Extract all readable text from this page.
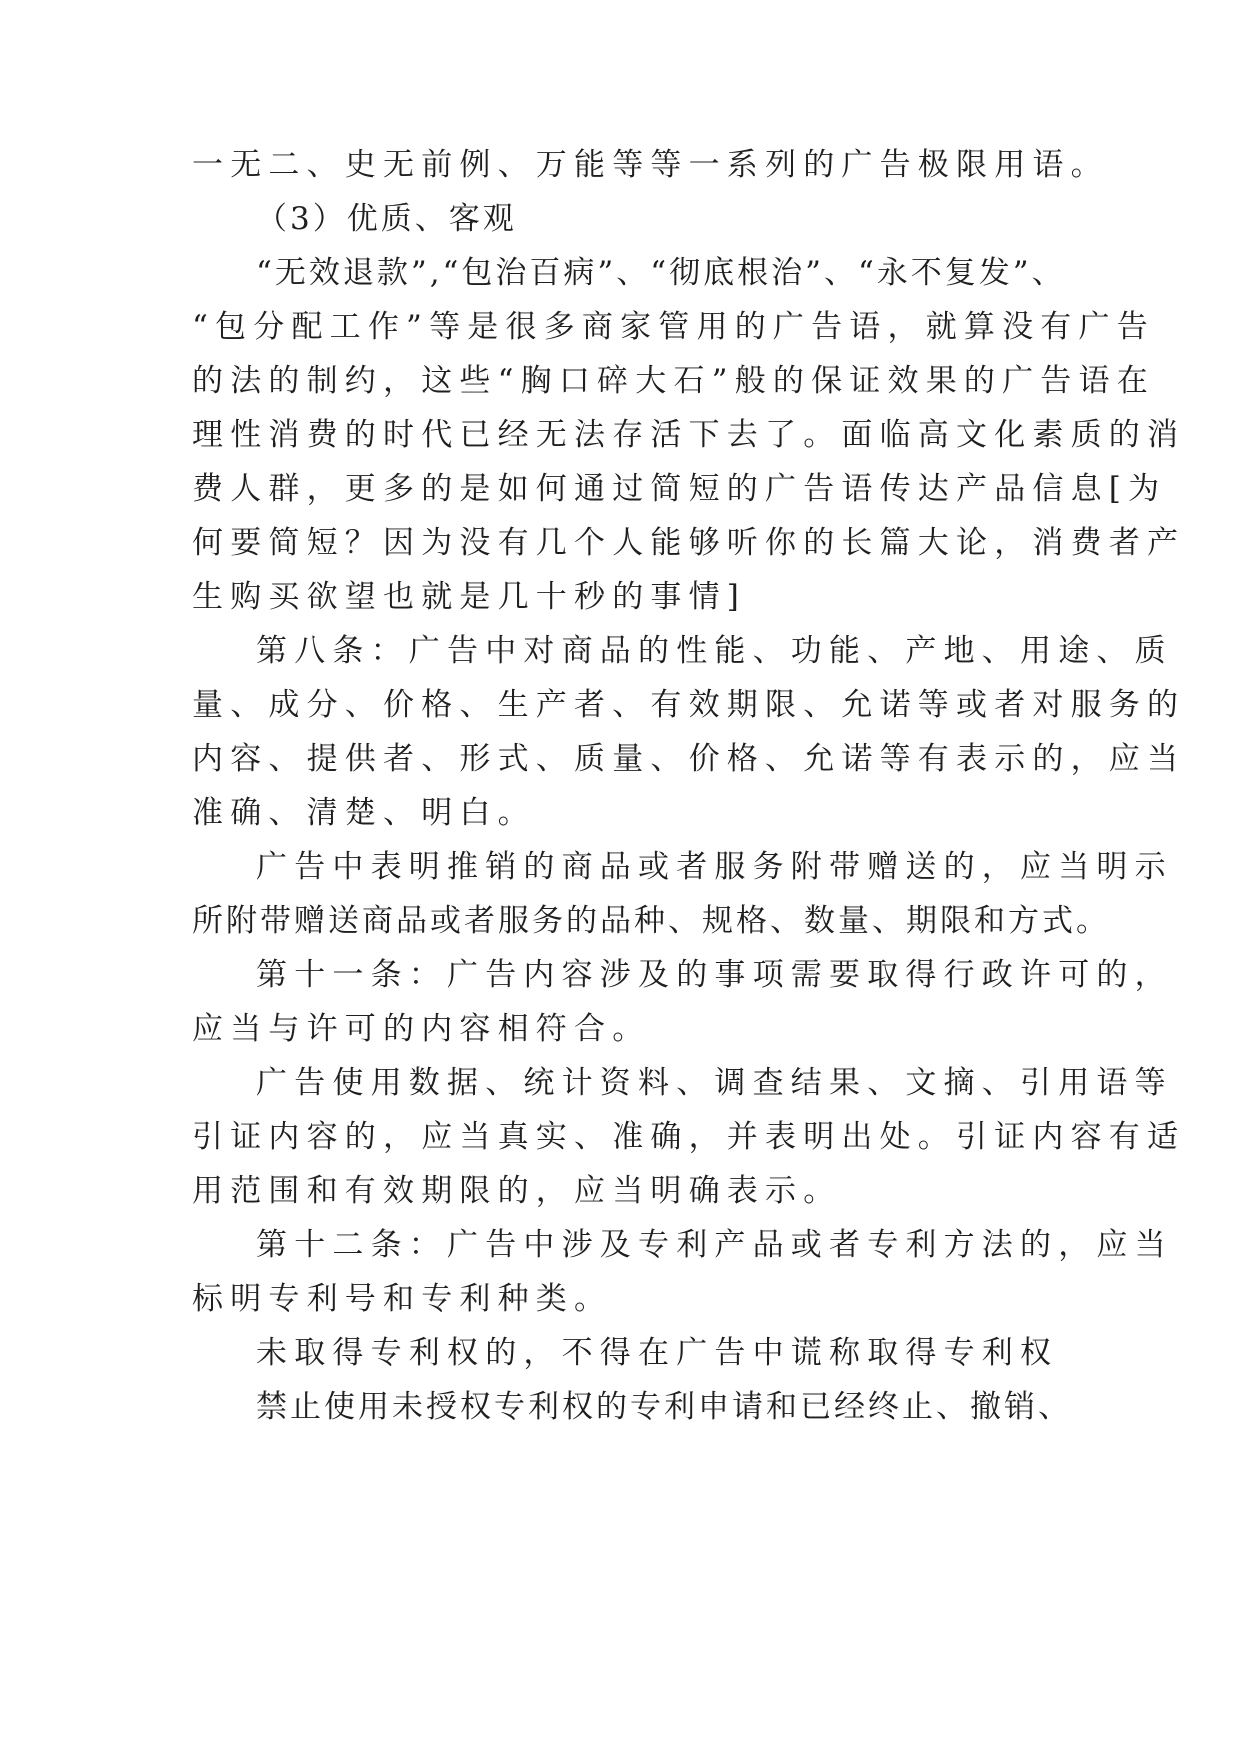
一无二、史无前例、万能等等一系列的广告极限用语。
（3）优质、客观
“无效退款”,“包治百病”、“彻底根治”、“永不复发”、
“包分配工作”等是很多商家管用的广告语，就算没有广告
的法的制约，这些“胸口碎大石”般的保证效果的广告语在
理性消费的时代已经无法存活下去了。面临高文化素质的消
费人群，更多的是如何通过简短的广告语传达产品信息[为
何要简短？因为没有几个人能够听你的长篇大论，消费者产
生购买欲望也就是几十秒的事情]
第八条：广告中对商品的性能、功能、产地、用途、质
量、成分、价格、生产者、有效期限、允诺等或者对服务的
内容、提供者、形式、质量、价格、允诺等有表示的，应当
准确、清楚、明白。
广告中表明推销的商品或者服务附带赠送的，应当明示
所附带赠送商品或者服务的品种、规格、数量、期限和方式。
第十一条：广告内容涉及的事项需要取得行政许可的，
应当与许可的内容相符合。
广告使用数据、统计资料、调查结果、文摘、引用语等
引证内容的，应当真实、准确，并表明出处。引证内容有适
用范围和有效期限的，应当明确表示。
第十二条：广告中涉及专利产品或者专利方法的，应当
标明专利号和专利种类。
未取得专利权的，不得在广告中谎称取得专利权
禁止使用未授权专利权的专利申请和已经终止、撤销、
